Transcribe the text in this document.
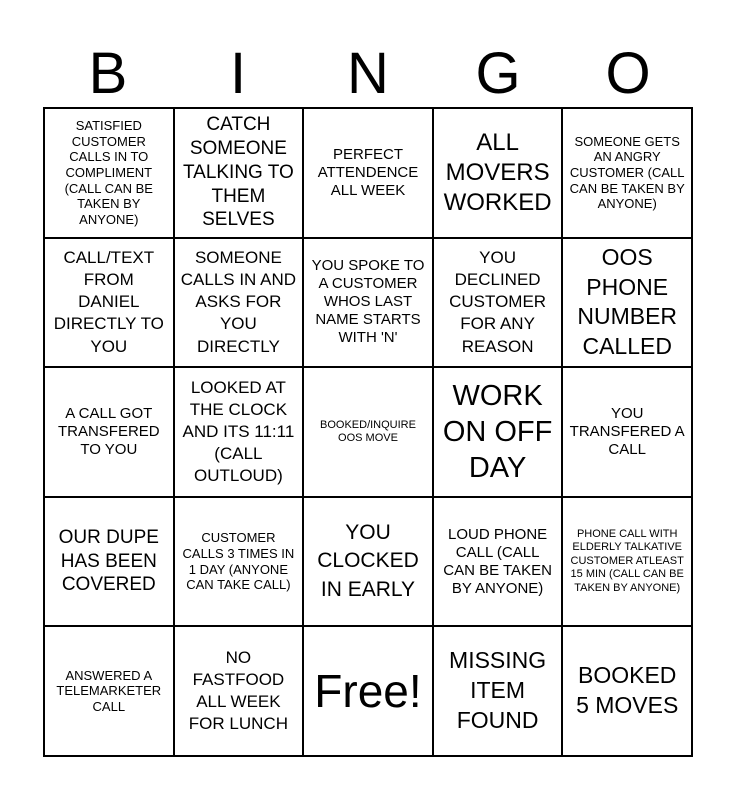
B	I	N	G	O
SATISFIED CUSTOMER CALLS IN TO COMPLIMENT (CALL CAN BE TAKEN BY ANYONE)
CATCH SOMEONE TALKING TO THEM SELVES
PERFECT ATTENDENCE ALL WEEK
ALL MOVERS WORKED
SOMEONE GETS AN ANGRY CUSTOMER (CALL CAN BE TAKEN BY ANYONE)
CALL/TEXT FROM DANIEL DIRECTLY TO YOU
SOMEONE CALLS IN AND ASKS FOR YOU DIRECTLY
YOU SPOKE TO A CUSTOMER WHOS LAST NAME STARTS WITH 'N'
YOU DECLINED CUSTOMER FOR ANY REASON
OOS PHONE NUMBER CALLED
A CALL GOT TRANSFERED TO YOU
LOOKED AT THE CLOCK AND ITS 11:11 (CALL OUTLOUD)
BOOKED/INQUIRE OOS MOVE
WORK ON OFF DAY
YOU TRANSFERED A CALL
OUR DUPE HAS BEEN COVERED
CUSTOMER CALLS 3 TIMES IN 1 DAY (ANYONE CAN TAKE CALL)
YOU CLOCKED IN EARLY
LOUD PHONE CALL (CALL CAN BE TAKEN BY ANYONE)
PHONE CALL WITH ELDERLY TALKATIVE CUSTOMER ATLEAST 15 MIN (CALL CAN BE TAKEN BY ANYONE)
ANSWERED A TELEMARKETER CALL
NO FASTFOOD ALL WEEK FOR LUNCH
Free!
MISSING ITEM FOUND
BOOKED 5 MOVES
